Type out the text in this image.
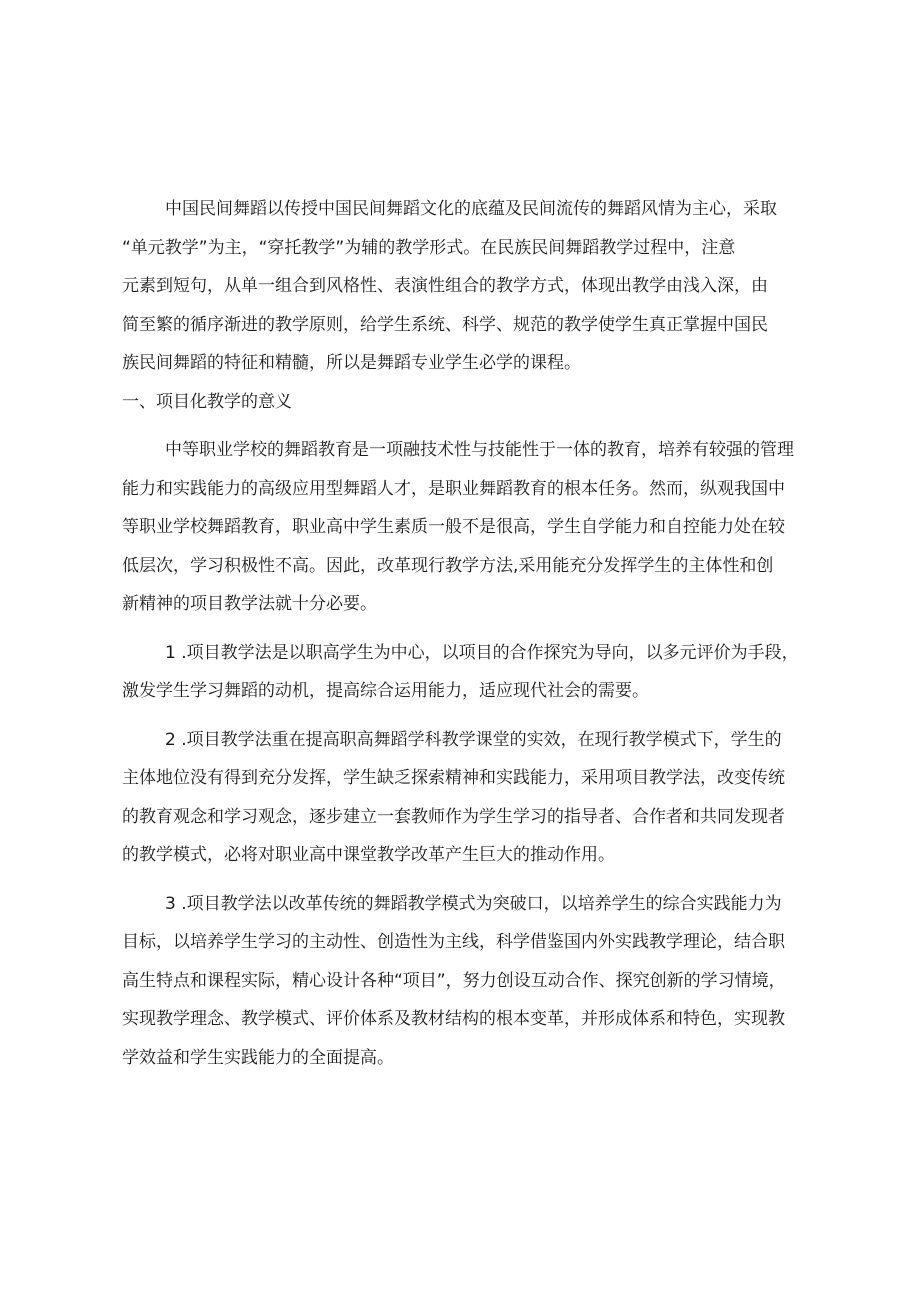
中国民间舞蹈以传授中国民间舞蹈文化的底蕴及民间流传的舞蹈风情为主心，采取
“单元教学”为主，“穿托教学”为辅的教学形式。在民族民间舞蹈教学过程中，注意
元素到短句，从单一组合到风格性、表演性组合的教学方式，体现出教学由浅入深，由
简至繁的循序渐进的教学原则，给学生系统、科学、规范的教学使学生真正掌握中国民
族民间舞蹈的特征和精髓，所以是舞蹈专业学生必学的课程。

一、项目化教学的意义

中等职业学校的舞蹈教育是一项融技术性与技能性于一体的教育，培养有较强的管理
能力和实践能力的高级应用型舞蹈人才，是职业舞蹈教育的根本任务。然而，纵观我国中
等职业学校舞蹈教育，职业高中学生素质一般不是很高，学生自学能力和自控能力处在较
低层次，学习积极性不高。因此，改革现行教学方法,采用能充分发挥学生的主体性和创
新精神的项目教学法就十分必要。

1 .项目教学法是以职高学生为中心，以项目的合作探究为导向，以多元评价为手段，
激发学生学习舞蹈的动机，提高综合运用能力，适应现代社会的需要。

2 .项目教学法重在提高职高舞蹈学科教学课堂的实效，在现行教学模式下，学生的
主体地位没有得到充分发挥，学生缺乏探索精神和实践能力，采用项目教学法，改变传统
的教育观念和学习观念，逐步建立一套教师作为学生学习的指导者、合作者和共同发现者
的教学模式，必将对职业高中课堂教学改革产生巨大的推动作用。

3 .项目教学法以改革传统的舞蹈教学模式为突破口，以培养学生的综合实践能力为
目标，以培养学生学习的主动性、创造性为主线，科学借鉴国内外实践教学理论，结合职
高生特点和课程实际，精心设计各种“项目”，努力创设互动合作、探究创新的学习情境，
实现教学理念、教学模式、评价体系及教材结构的根本变革，并形成体系和特色，实现教
学效益和学生实践能力的全面提高。
